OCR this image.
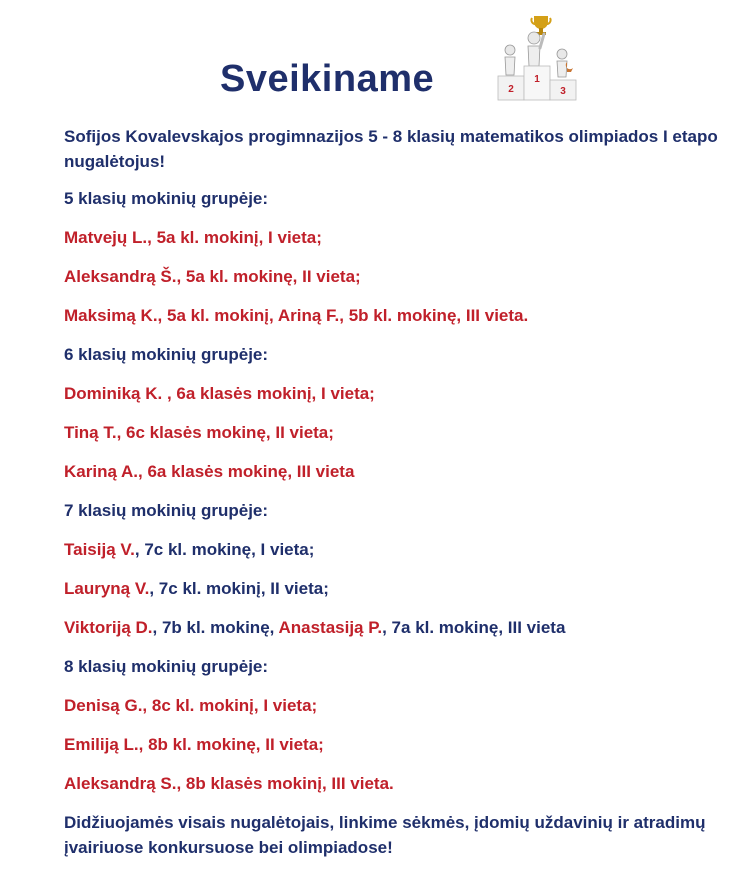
Sveikiname	2
1
3
Sofijos Kovalevskajos progimnazijos 5 - 8 klasių matematikos olimpiados I etapo nugalėtojus!
5 klasių mokinių grupėje:
Matvejų L., 5a kl. mokinį, I vieta;
Aleksandrą Š., 5a kl. mokinę, II vieta;
Maksimą K., 5a kl. mokinį, Ariną F., 5b kl. mokinę, III vieta.
6 klasių mokinių grupėje:
Dominiką K. , 6a klasės mokinį, I vieta;
Tiną T., 6c klasės mokinę, II vieta;
Kariną A., 6a klasės mokinę, III vieta
7 klasių mokinių grupėje:
Taisiją V., 7c kl. mokinę, I vieta;
Lauryną V., 7c kl. mokinį, II vieta;
Viktoriją D., 7b kl. mokinę, Anastasiją P., 7a kl. mokinę, III vieta
8 klasių mokinių grupėje:
Denisą G., 8c kl. mokinį, I vieta;
Emiliją L., 8b kl. mokinę, II vieta;
Aleksandrą S., 8b klasės mokinį, III vieta.
Didžiuojamės visais nugalėtojais, linkime sėkmės, įdomių uždavinių ir atradimų įvairiuose konkursuose bei olimpiadose!
